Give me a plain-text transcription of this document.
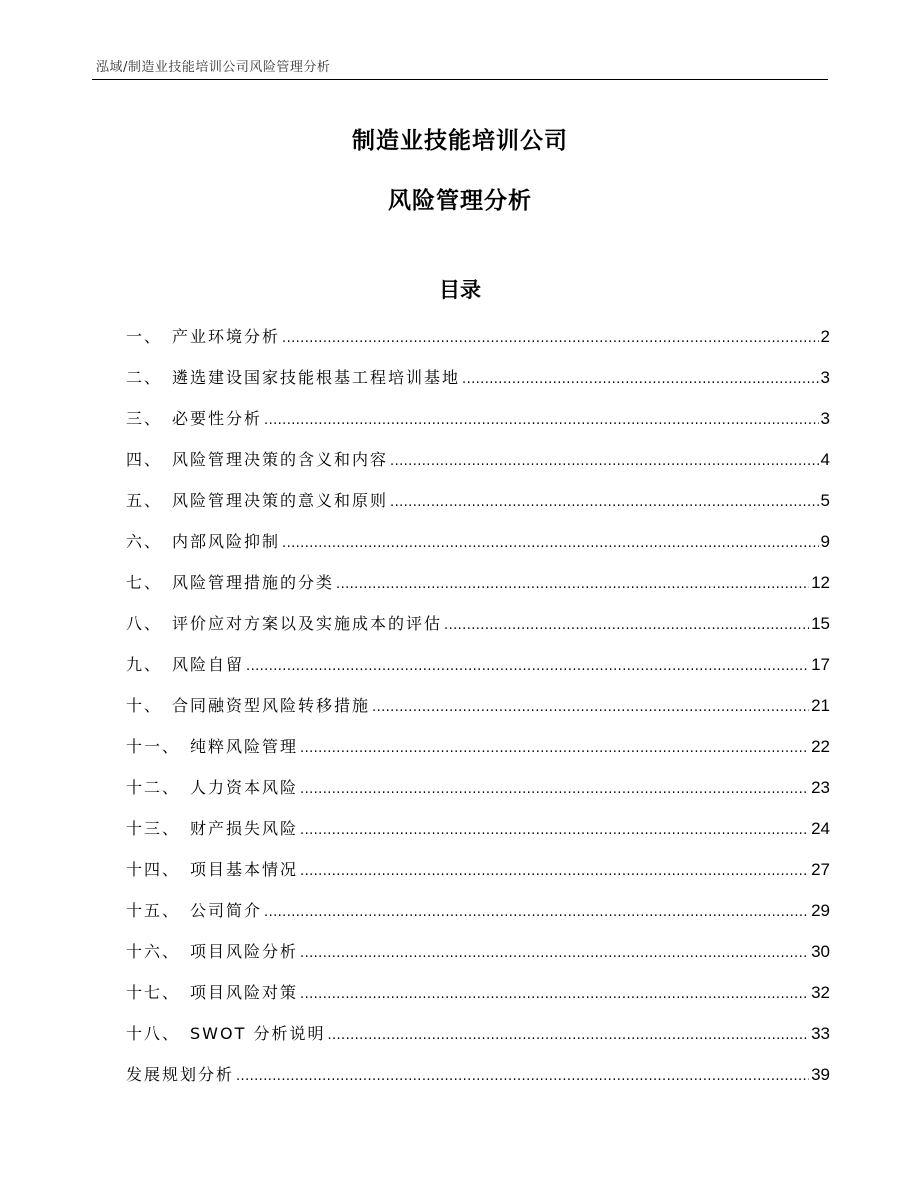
泓域/制造业技能培训公司风险管理分析
制造业技能培训公司
风险管理分析
目录
一、 产业环境分析 .....	2
二、 遴选建设国家技能根基工程培训基地 .....	3
三、 必要性分析 .....	3
四、 风险管理决策的含义和内容 .....	4
五、 风险管理决策的意义和原则 .....	5
六、 内部风险抑制 .....	9
七、 风险管理措施的分类 .....	12
八、 评价应对方案以及实施成本的评估 .....	15
九、 风险自留 .....	17
十、 合同融资型风险转移措施 .....	21
十一、 纯粹风险管理 .....	22
十二、 人力资本风险 .....	23
十三、 财产损失风险 .....	24
十四、 项目基本情况 .....	27
十五、 公司简介 .....	29
十六、 项目风险分析 .....	30
十七、 项目风险对策 .....	32
十八、 SWOT 分析说明 .....	33
发展规划分析 .....	39
